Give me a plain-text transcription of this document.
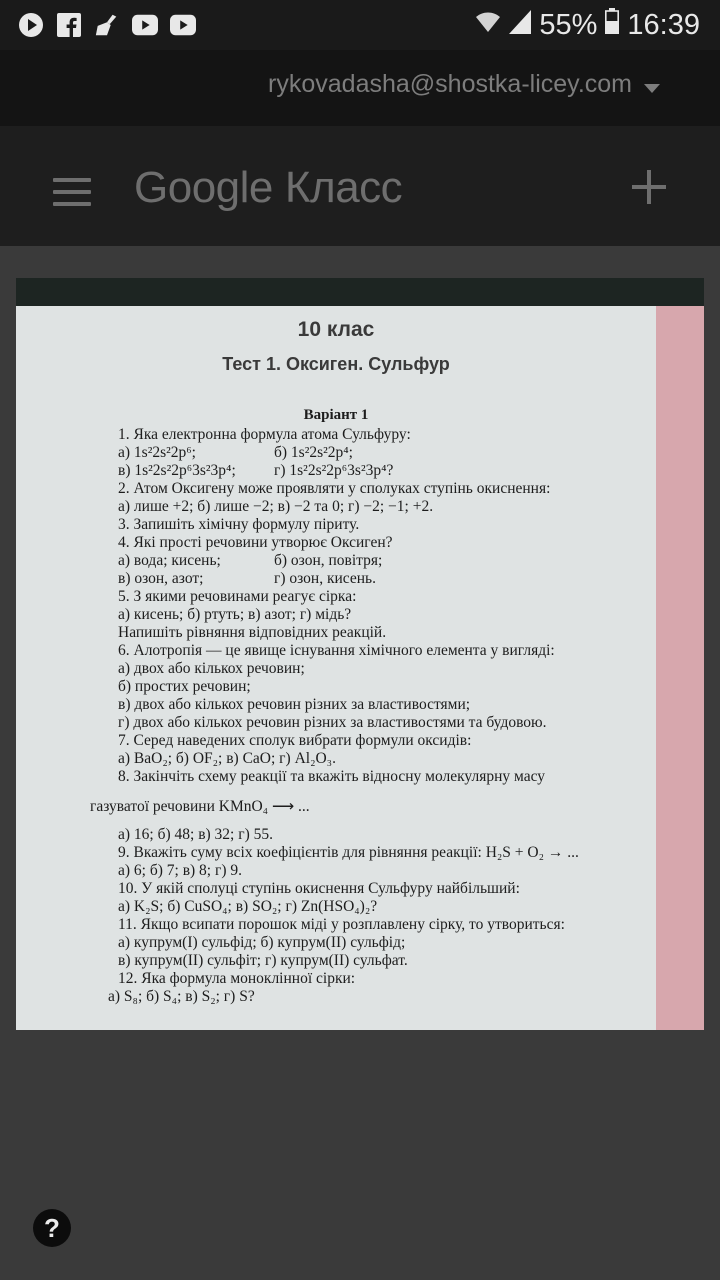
55% 16:39
rykovadasha@shostka-licey.com
Google Класс
10 клас
Тест 1. Оксиген. Сульфур
Варіант 1
1. Яка електронна формула атома Сульфуру:
а) 1s²2s²2p⁶;	б) 1s²2s²2p⁴;
в) 1s²2s²2p⁶3s²3p⁴; г) 1s²2s²2p⁶3s²3p⁴?
2. Атом Оксигену може проявляти у сполуках ступінь окиснення:
а) лише +2; б) лише −2; в) −2 та 0; г) −2; −1; +2.
3. Запишіть хімічну формулу піриту.
4. Які прості речовини утворює Оксиген?
а) вода; кисень;	б) озон, повітря;
в) озон, азот;	г) озон, кисень.
5. З якими речовинами реагує сірка:
а) кисень; б) ртуть; в) азот; г) мідь?
Напишіть рівняння відповідних реакцій.
6. Алотропія — це явище існування хімічного елемента у вигляді:
а) двох або кількох речовин;
б) простих речовин;
в) двох або кількох речовин різних за властивостями;
г) двох або кількох речовин різних за властивостями та будовою.
7. Серед наведених сполук вибрати формули оксидів:
а) BaO₂; б) OF₂; в) CaO; г) Al₂O₃.
8. Закінчіть схему реакції та вкажіть відносну молекулярну масу
газуватої речовини KMnO₄ ⟶ ...
а) 16; б) 48; в) 32; г) 55.
9. Вкажіть суму всіх коефіцієнтів для рівняння реакції: H₂S + O₂ → ...
а) 6; б) 7; в) 8; г) 9.
10. У якій сполуці ступінь окиснення Сульфуру найбільший:
а) K₂S; б) CuSO₄; в) SO₂; г) Zn(HSO₄)₂?
11. Якщо всипати порошок міді у розплавлену сірку, то утвориться:
а) купрум(І) сульфід; б) купрум(ІІ) сульфід;
в) купрум(ІІ) сульфіт; г) купрум(ІІ) сульфат.
12. Яка формула моноклінної сірки:
а) S₈; б) S₄; в) S₂; г) S?
?
